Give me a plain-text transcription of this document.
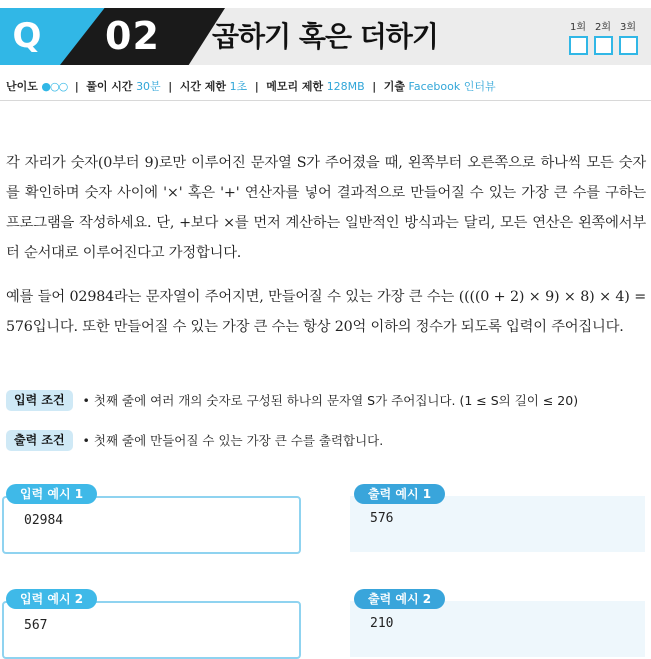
Q 02	곱하기 혹은 더하기	1회 2회 3회
난이도 ●○○ | 풀이 시간 30분 | 시간 제한 1초 | 메모리 제한 128MB | 기출 Facebook 인터뷰
각 자리가 숫자(0부터 9)로만 이루어진 문자열 S가 주어졌을 때, 왼쪽부터 오른쪽으로 하나씩 모든 숫자를 확인하며 숫자 사이에 '×' 혹은 '+' 연산자를 넣어 결과적으로 만들어질 수 있는 가장 큰 수를 구하는 프로그램을 작성하세요. 단, +보다 ×를 먼저 계산하는 일반적인 방식과는 달리, 모든 연산은 왼쪽에서부터 순서대로 이루어진다고 가정합니다.
예를 들어 02984라는 문자열이 주어지면, 만들어질 수 있는 가장 큰 수는 ((((0 + 2) × 9) × 8) × 4) = 576입니다. 또한 만들어질 수 있는 가장 큰 수는 항상 20억 이하의 정수가 되도록 입력이 주어집니다.
입력 조건	• 첫째 줄에 여러 개의 숫자로 구성된 하나의 문자열 S가 주어집니다. (1 ≤ S의 길이 ≤ 20)
출력 조건	• 첫째 줄에 만들어질 수 있는 가장 큰 수를 출력합니다.
02984
입력 예시 1
576
출력 예시 1
567
입력 예시 2
210
출력 예시 2
